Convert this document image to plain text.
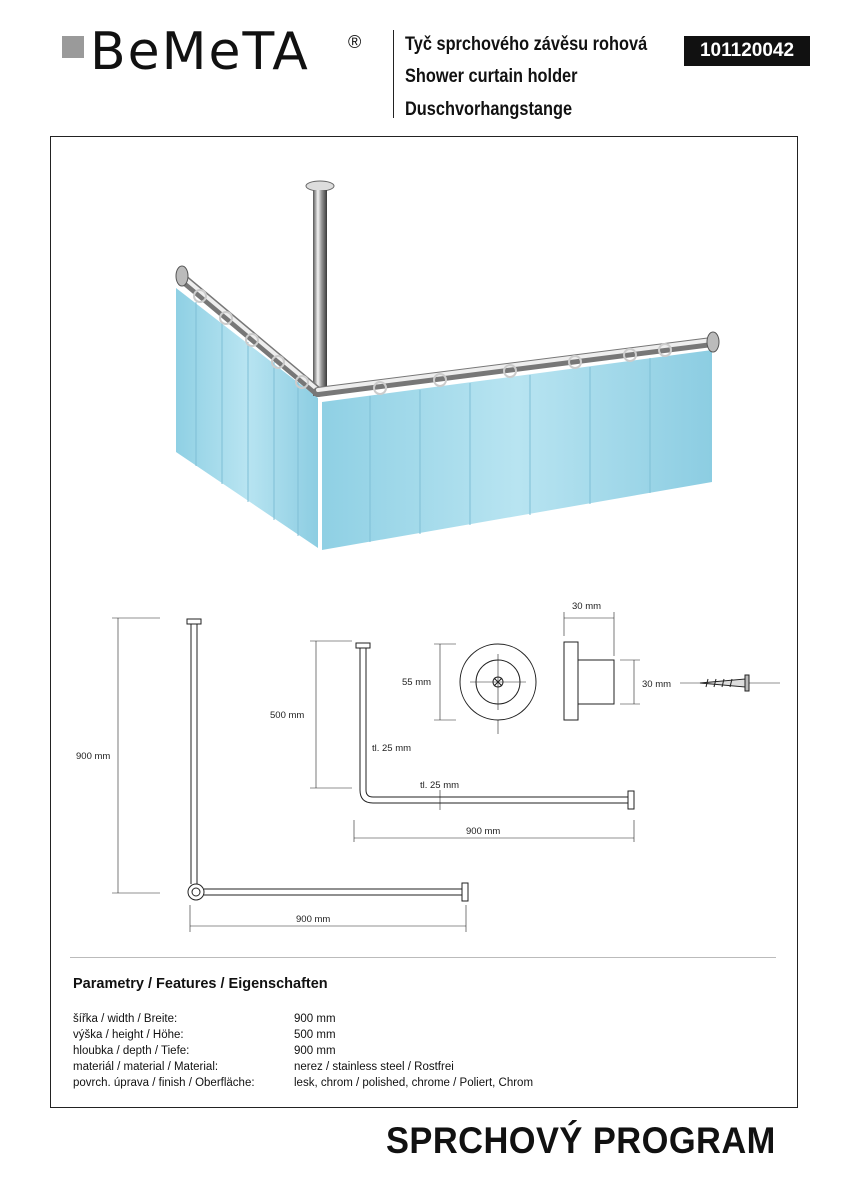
BeMeTA ® Tyč sprchového závěsu rohová
Shower curtain holder
Duschvorhangstange
101120042
900 mm
900 mm
500 mm
tl. 25 mm
tl. 25 mm
900 mm
55 mm
30 mm
30 mm
Parametry / Features / Eigenschaften
šířka / width / Breite:	900 mm
výška / height / Höhe:	500 mm
hloubka / depth / Tiefe:	900 mm
materiál / material / Material:	nerez / stainless steel / Rostfrei
povrch. úprava / finish / Oberfläche:	lesk, chrom / polished, chrome / Poliert, Chrom
SPRCHOVÝ PROGRAM
